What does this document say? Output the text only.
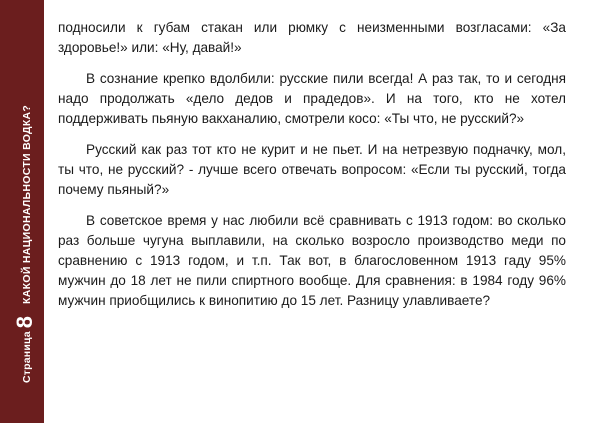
Страница
8
КАКОЙ НАЦИОНАЛЬНОСТИ ВОДКА?

подносили к губам стакан или рюмку с неизменными возгласами: «За здоровье!» или: «Ну, давай!»

В сознание крепко вдолбили: русские пили всегда! А раз так, то и сегодня надо продолжать «дело дедов и прадедов». И на того, кто не хотел поддерживать пьяную вакханалию, смотрели косо: «Ты что, не русский?»

Русский как раз тот кто не курит и не пьет. И на нетрезвую подначку, мол, ты что, не русский? - лучше всего отвечать вопросом: «Если ты русский, тогда почему пьяный?»

В советское время у нас любили всё сравнивать с 1913 годом: во сколько раз больше чугуна выплавили, на сколько возросло производство меди по сравнению с 1913 годом, и т.п. Так вот, в благословенном 1913 гаду 95% мужчин до 18 лет не пили спиртного вообще. Для сравнения: в 1984 году 96% мужчин приобщились к винопитию до 15 лет. Разницу улавливаете?
